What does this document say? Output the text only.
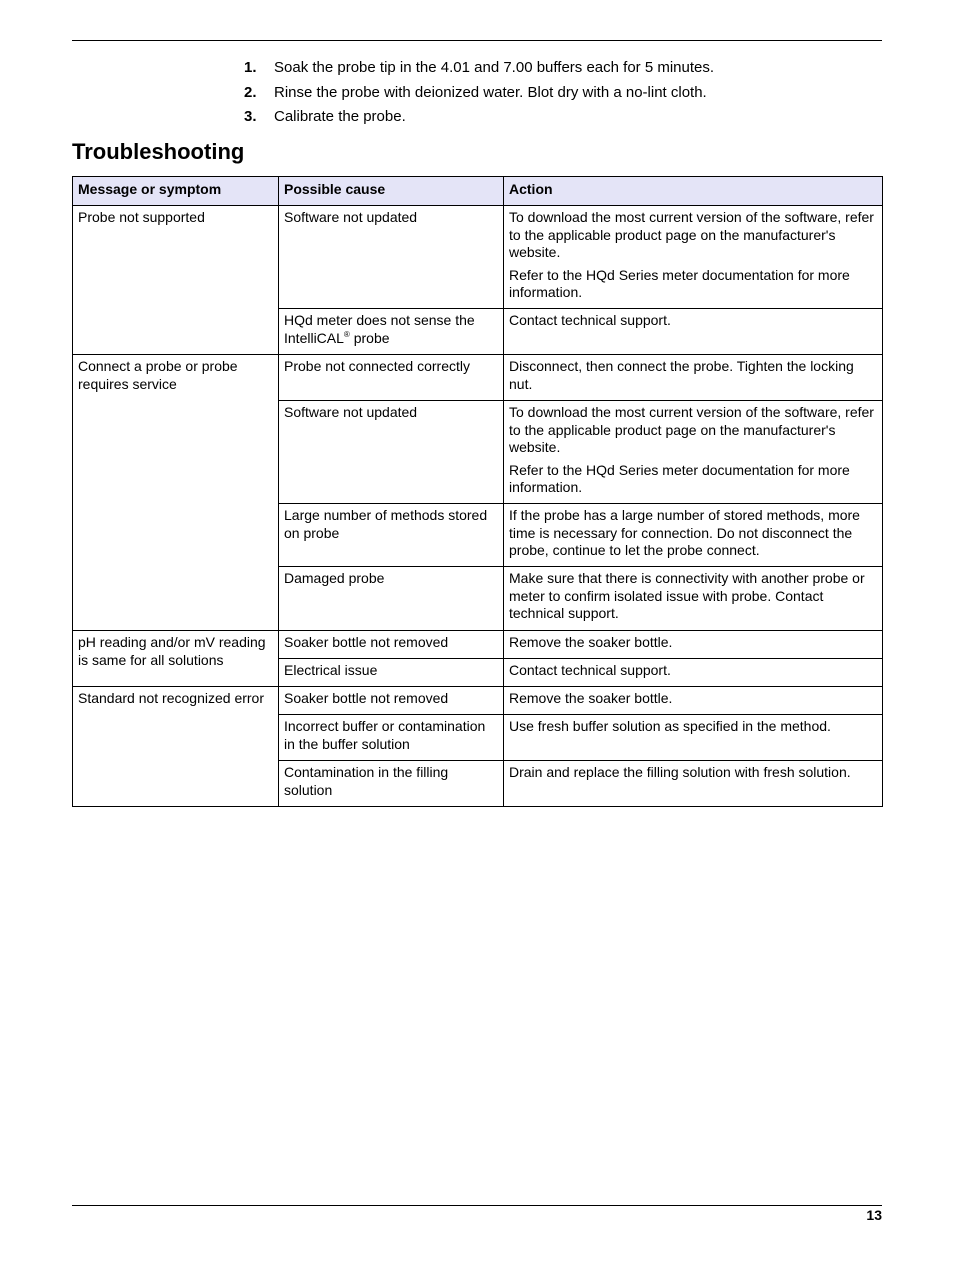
1. Soak the probe tip in the 4.01 and 7.00 buffers each for 5 minutes.
2. Rinse the probe with deionized water. Blot dry with a no-lint cloth.
3. Calibrate the probe.
Troubleshooting
Message or symptom	Possible cause	Action
Probe not supported	Software not updated	To download the most current version of the software, refer to the applicable product page on the manufacturer's website.

Refer to the HQd Series meter documentation for more information.

	HQd meter does not sense the IntelliCAL® probe	Contact technical support.

Connect a probe or probe requires service	Probe not connected correctly	Disconnect, then connect the probe. Tighten the locking nut.

	Software not updated	To download the most current version of the software, refer to the applicable product page on the manufacturer's website.

Refer to the HQd Series meter documentation for more information.

	Large number of methods stored on probe	If the probe has a large number of stored methods, more time is necessary for connection. Do not disconnect the probe, continue to let the probe connect.

	Damaged probe	Make sure that there is connectivity with another probe or meter to confirm isolated issue with probe. Contact technical support.

pH reading and/or mV reading is same for all solutions	Soaker bottle not removed	Remove the soaker bottle.

	Electrical issue	Contact technical support.

Standard not recognized error	Soaker bottle not removed	Remove the soaker bottle.

	Incorrect buffer or contamination in the buffer solution	Use fresh buffer solution as specified in the method.

	Contamination in the filling solution	Drain and replace the filling solution with fresh solution.

13
